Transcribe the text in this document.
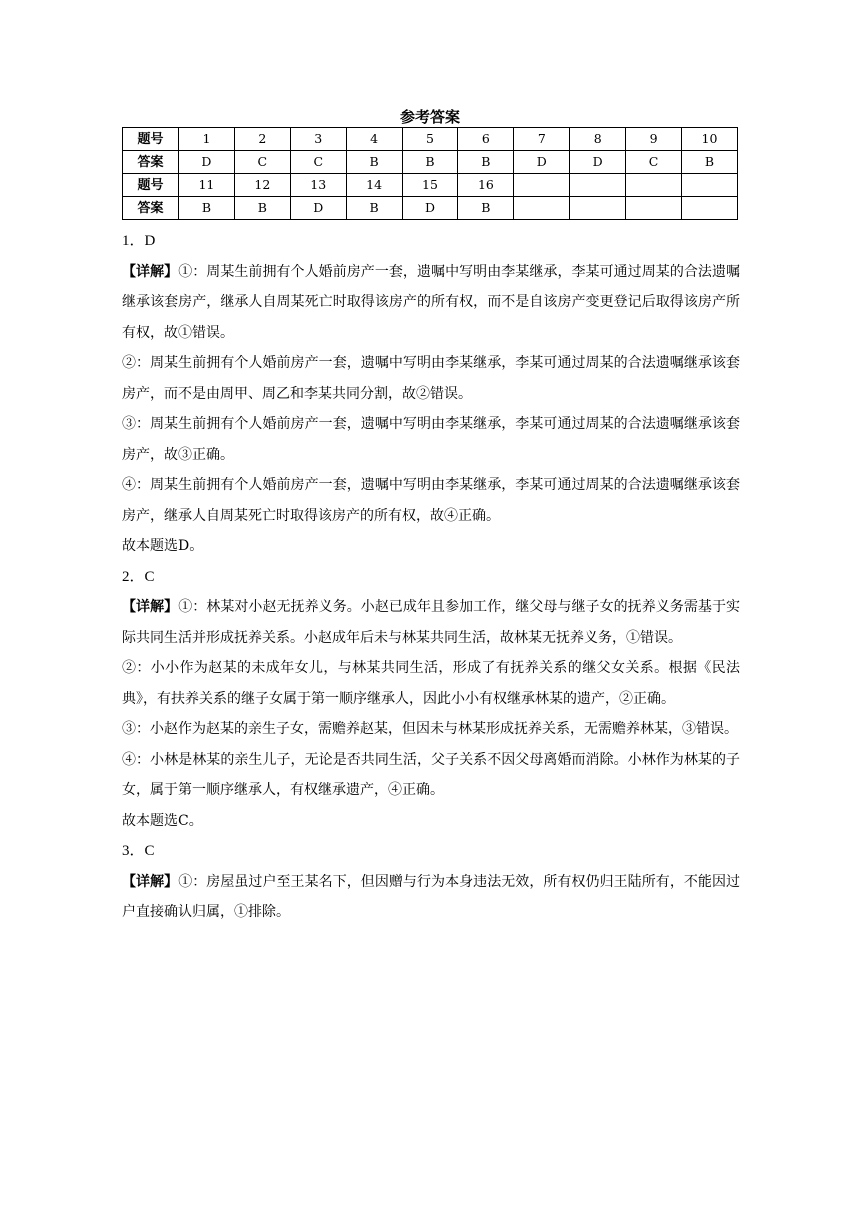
参考答案
题号	1	2	3	4	5	6	7	8	9	10
答案	D	C	C	B	B	B	D	D	C	B
题号	11	12	13	14	15	16				
答案	B	B	D	B	D	B				

1．D

【详解】①：周某生前拥有个人婚前房产一套，遗嘱中写明由李某继承，李某可通过周某的合法遗嘱继承该套房产，继承人自周某死亡时取得该房产的所有权，而不是自该房产变更登记后取得该房产所有权，故①错误。

②：周某生前拥有个人婚前房产一套，遗嘱中写明由李某继承，李某可通过周某的合法遗嘱继承该套房产，而不是由周甲、周乙和李某共同分割，故②错误。

③：周某生前拥有个人婚前房产一套，遗嘱中写明由李某继承，李某可通过周某的合法遗嘱继承该套房产，故③正确。

④：周某生前拥有个人婚前房产一套，遗嘱中写明由李某继承，李某可通过周某的合法遗嘱继承该套房产，继承人自周某死亡时取得该房产的所有权，故④正确。

故本题选D。

2．C

【详解】①：林某对小赵无抚养义务。小赵已成年且参加工作，继父母与继子女的抚养义务需基于实际共同生活并形成抚养关系。小赵成年后未与林某共同生活，故林某无抚养义务，①错误。

②：小小作为赵某的未成年女儿，与林某共同生活，形成了有抚养关系的继父女关系。根据《民法典》，有扶养关系的继子女属于第一顺序继承人，因此小小有权继承林某的遗产，②正确。

③：小赵作为赵某的亲生子女，需赡养赵某，但因未与林某形成抚养关系，无需赡养林某，③错误。

④：小林是林某的亲生儿子，无论是否共同生活，父子关系不因父母离婚而消除。小林作为林某的子女，属于第一顺序继承人，有权继承遗产，④正确。

故本题选C。

3．C

【详解】①：房屋虽过户至王某名下，但因赠与行为本身违法无效，所有权仍归王陆所有，不能因过户直接确认归属，①排除。
